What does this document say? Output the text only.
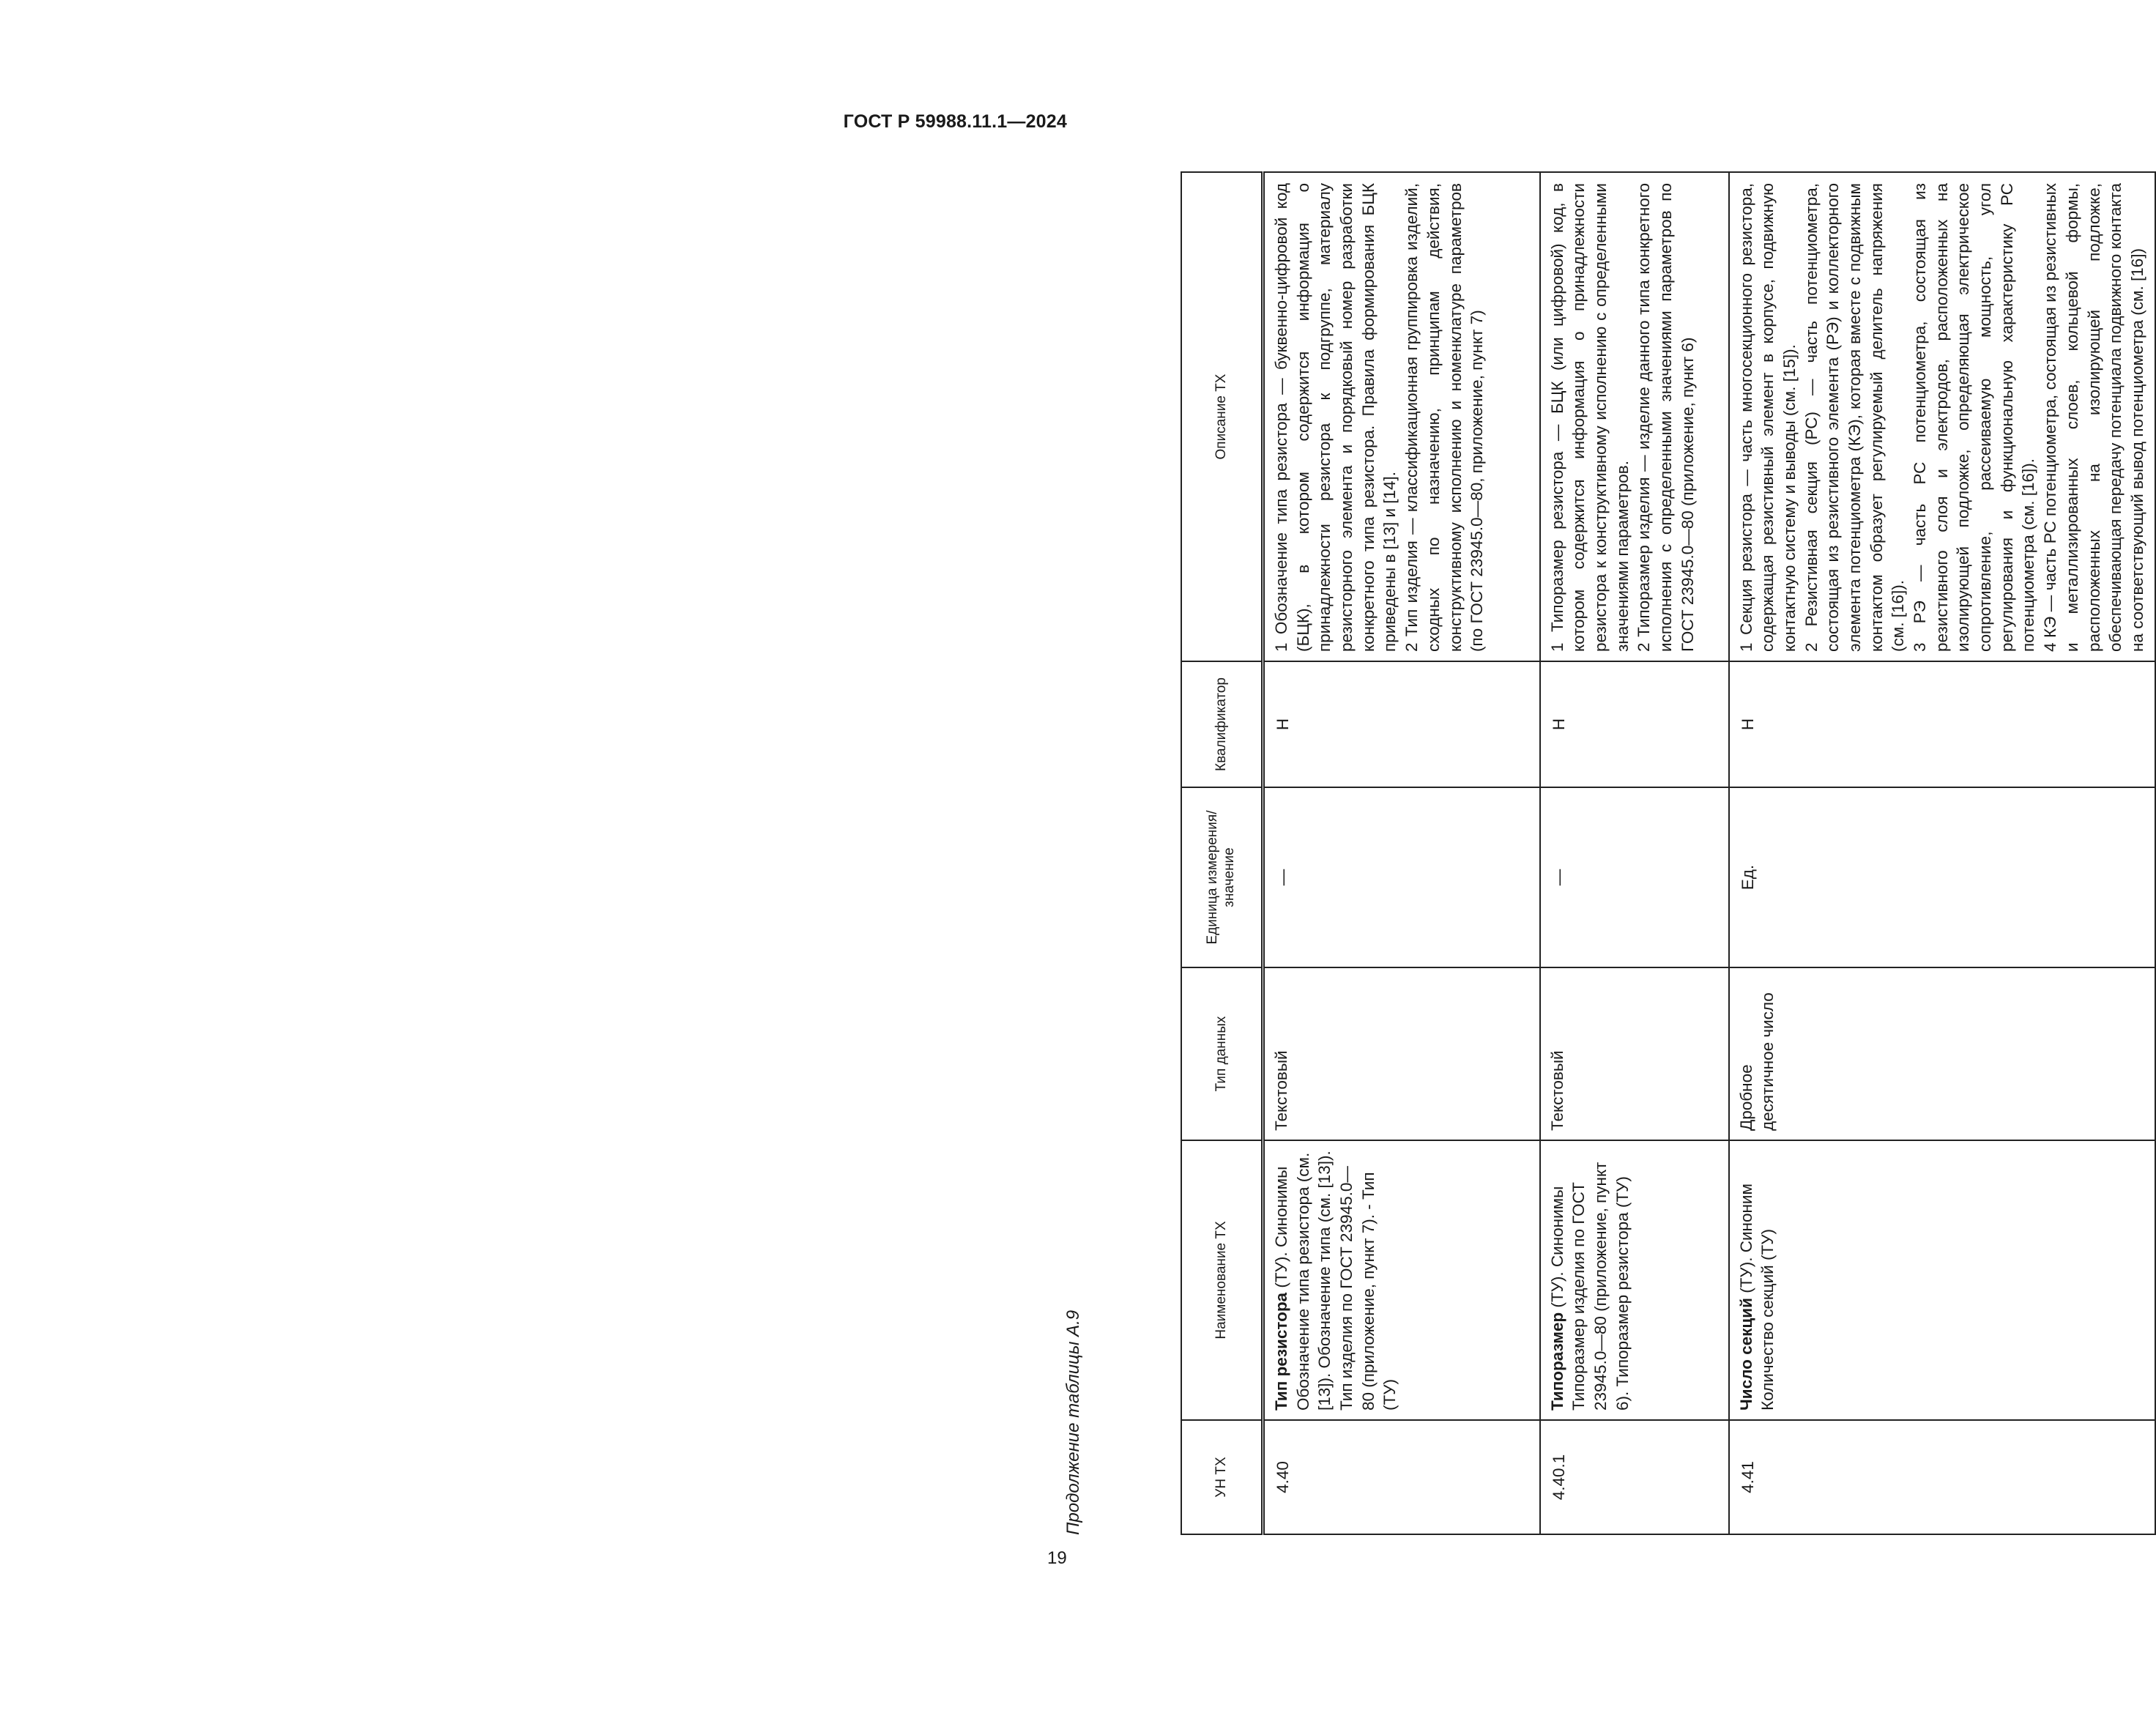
ГОСТ Р 59988.11.1—2024
Продолжение таблицы А.9	УН ТХ	Наименование ТХ	Тип данных	Единица измерения/ значение	Квалификатор	Описание ТХ
4.40	Тип резистора (ТУ). Синонимы Обозначение типа резистора (см. [13]). Обозначение типа (см. [13]). Тип изделия по ГОСТ 23945.0—80 (приложение, пункт 7). - Тип (ТУ)	Текстовый	—	Н	1 Обозначение типа резистора — буквенно-цифровой код (БЦК), в котором содержится информация о принадлежности резистора к подгруппе, материалу резисторного элемента и порядковый номер разработки конкретного типа резистора. Правила формирования БЦК приведены в [13] и [14]. 2 Тип изделия — классификационная группировка изделий, сходных по назначению, принципам действия, конструктивному исполнению и номенклатуре параметров (по ГОСТ 23945.0—80, приложение, пункт 7)

4.40.1	Типоразмер (ТУ). Синонимы Типоразмер изделия по ГОСТ 23945.0—80 (приложение, пункт 6). Типоразмер резистора (ТУ)	Текстовый	—	Н	1 Типоразмер резистора — БЦК (или цифровой) код, в котором содержится информация о принадлежности резистора к конструктивному исполнению с определенными значениями параметров. 2 Типоразмер изделия — изделие данного типа конкретного исполнения с определенными значениями параметров по ГОСТ 23945.0—80 (приложение, пункт 6)

4.41	Число секций (ТУ). Синоним Количество секций (ТУ)	Дробное десятичное число	Ед.	Н	1 Секция резистора — часть многосекционного резистора, содержащая резистивный элемент в корпусе, подвижную контактную систему и выводы (см. [15]). 2 Резистивная секция (РС) — часть потенциометра, состоящая из резистивного элемента (РЭ) и коллекторного элемента потенциометра (КЭ), которая вместе с подвижным контактом образует регулируемый делитель напряжения (см. [16]). 3 РЭ — часть РС потенциометра, состоящая из резистивного слоя и электродов, расположенных на изолирующей подложке, определяющая электрическое сопротивление, рассеиваемую мощность, угол регулирования и функциональную характеристику РС потенциометра (см. [16]). 4 КЭ — часть РС потенциометра, состоящая из резистивных и металлизированных слоев, кольцевой формы, расположенных на изолирующей подложке, обеспечивающая передачу потенциала подвижного контакта на соответствующий вывод потенциометра (см. [16])
19
